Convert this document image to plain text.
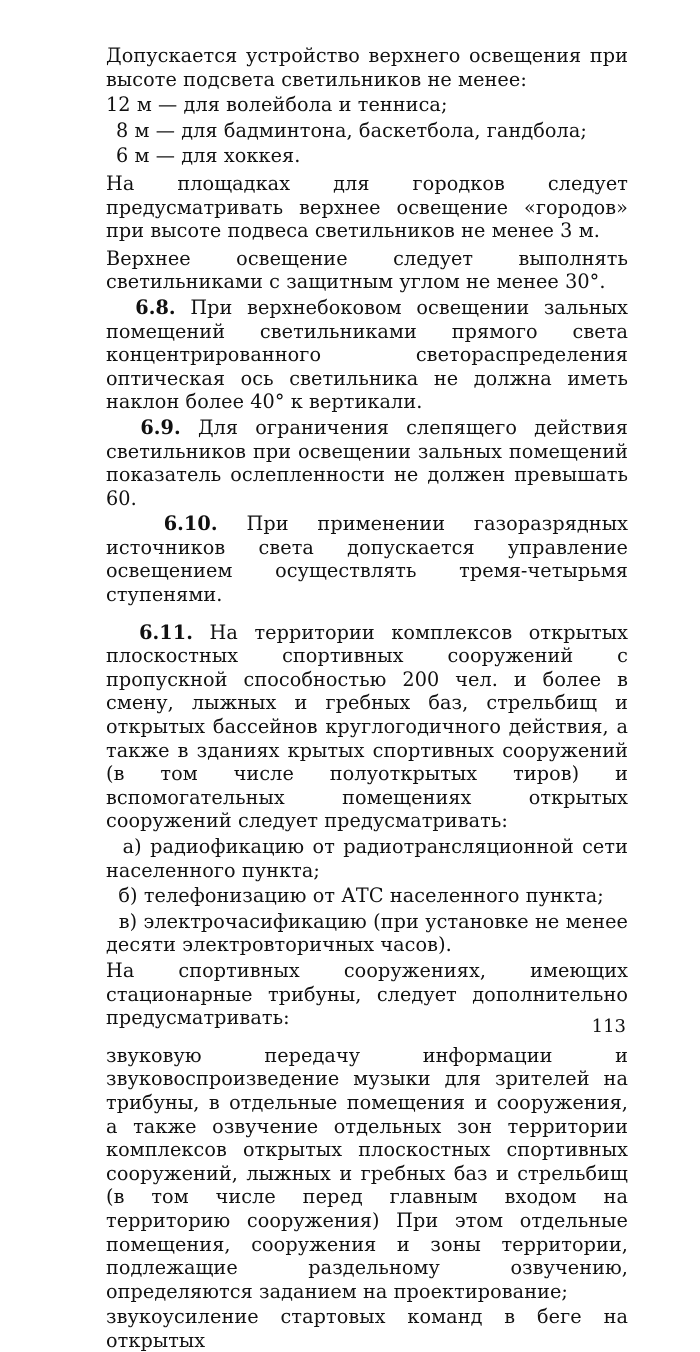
Допускается устройство верхнего освещения при высоте подсвета светильников не менее:

12 м — для волейбола и тенниса;

8 м — для бадминтона, баскетбола, гандбола;

6 м — для хоккея.

На площадках для городков следует предусматривать верхнее освещение «городов» при высоте подвеса светильников не менее 3 м.

Верхнее освещение следует выполнять светильниками с защитным углом не менее 30°.

6.8. При верхнебоковом освещении зальных помещений светильниками прямого света концентрированного светораспределения оптическая ось светильника не должна иметь наклон более 40° к вертикали.

6.9. Для ограничения слепящего действия светильников при освещении зальных помещений показатель ослепленности не должен превышать 60.

6.10. При применении газоразрядных источников света допускается управление освещением осуществлять тремя-четырьмя ступенями.

6.11. На территории комплексов открытых плоскостных спортивных сооружений с пропускной способностью 200 чел. и более в смену, лыжных и гребных баз, стрельбищ и открытых бассейнов круглогодичного действия, а также в зданиях крытых спортивных сооружений (в том числе полуоткрытых тиров) и вспомогательных помещениях открытых сооружений следует предусматривать:

а) радиофикацию от радиотрансляционной сети населенного пункта;

б) телефонизацию от АТС населенного пункта;

в) электрочасификацию (при установке не менее десяти электровторичных часов).

На спортивных сооружениях, имеющих стационарные трибуны, следует дополнительно предусматривать:

звуковую передачу информации и звуковоспроизведение музыки для зрителей на трибуны, в отдельные помещения и сооружения, а также озвучение отдельных зон территории комплексов открытых плоскостных спортивных сооружений, лыжных и гребных баз и стрельбищ (в том числе перед главным входом на территорию сооружения) При этом отдельные помещения, сооружения и зоны территории, подлежащие раздельному озвучению, определяются заданием на проектирование;

звукоусиление стартовых команд в беге на открытых

113
